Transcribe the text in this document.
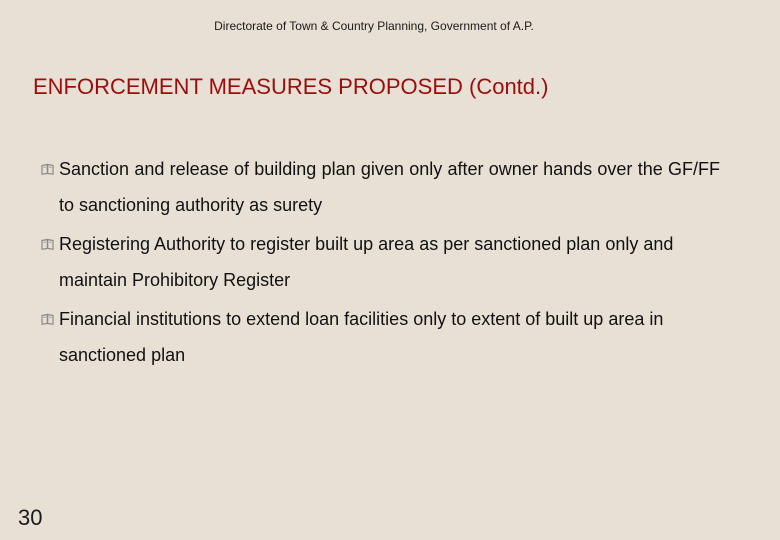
Directorate of Town & Country Planning, Government of A.P.
ENFORCEMENT MEASURES PROPOSED (Contd.)
Sanction and release of building plan given only after owner hands over the GF/FF to sanctioning authority as surety
Registering Authority to register built up area as per sanctioned plan only and maintain Prohibitory Register
Financial institutions to extend loan facilities only to extent of built up area in sanctioned plan
30
